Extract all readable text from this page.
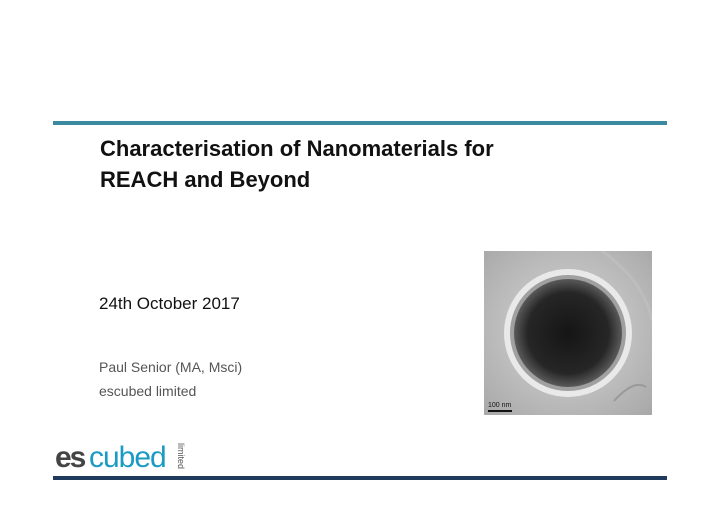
Characterisation of Nanomaterials for
REACH and Beyond
24th October 2017
Paul Senior (MA, Msci)
escubed limited
100 nm
es cubed limited
